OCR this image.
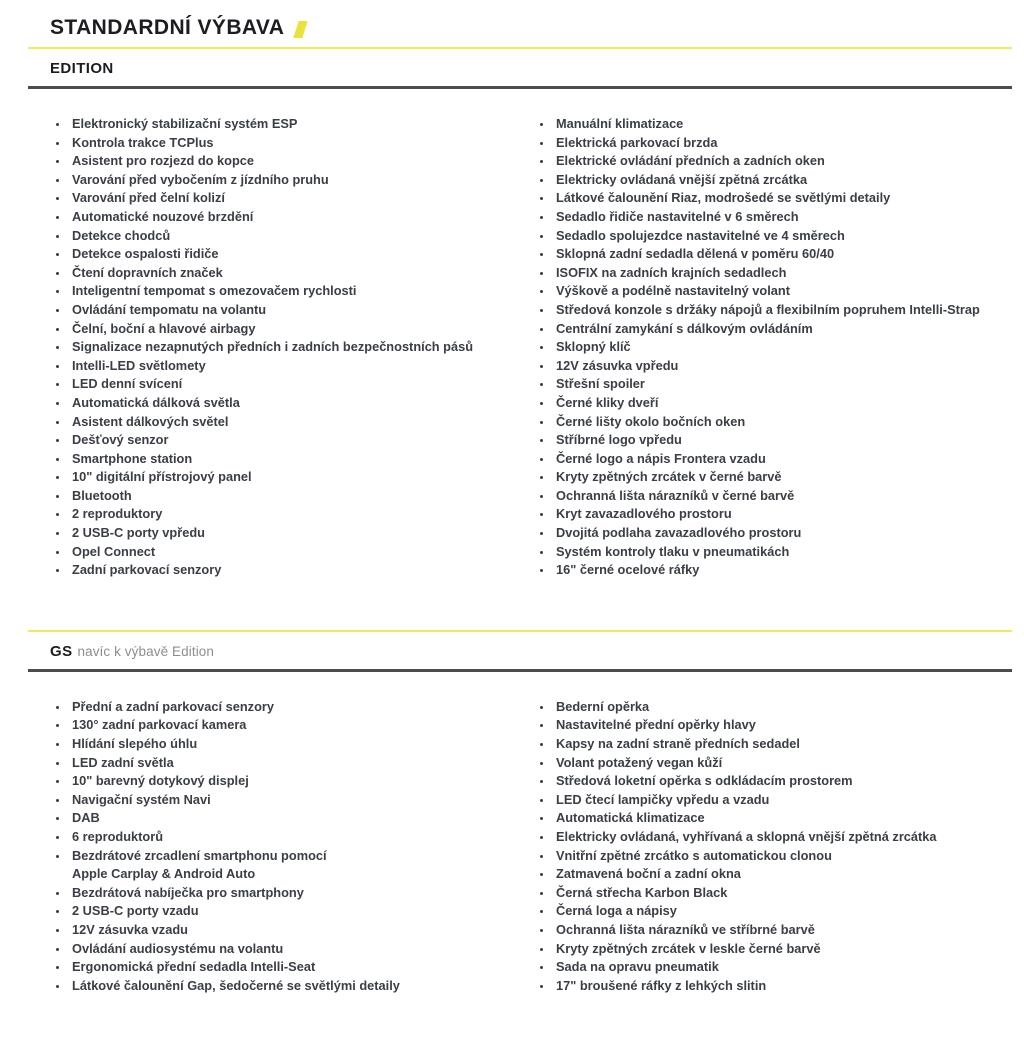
STANDARDNÍ VÝBAVA
EDITION
Elektronický stabilizační systém ESP
Kontrola trakce TCPlus
Asistent pro rozjezd do kopce
Varování před vybočením z jízdního pruhu
Varování před čelní kolizí
Automatické nouzové brzdění
Detekce chodců
Detekce ospalosti řidiče
Čtení dopravních značek
Inteligentní tempomat s omezovačem rychlosti
Ovládání tempomatu na volantu
Čelní, boční a hlavové airbagy
Signalizace nezapnutých předních i zadních bezpečnostních pásů
Intelli-LED světlomety
LED denní svícení
Automatická dálková světla
Asistent dálkových světel
Dešťový senzor
Smartphone station
10" digitální přístrojový panel
Bluetooth
2 reproduktory
2 USB-C porty vpředu
Opel Connect
Zadní parkovací senzory
Manuální klimatizace
Elektrická parkovací brzda
Elektrické ovládání předních a zadních oken
Elektricky ovládaná vnější zpětná zrcátka
Látkové čalounění Riaz, modrošedé se světlými detaily
Sedadlo řidiče nastavitelné v 6 směrech
Sedadlo spolujezdce nastavitelné ve 4 směrech
Sklopná zadní sedadla dělená v poměru 60/40
ISOFIX na zadních krajních sedadlech
Výškově a podélně nastavitelný volant
Středová konzole s držáky nápojů a flexibilním popruhem Intelli-Strap
Centrální zamykání s dálkovým ovládáním
Sklopný klíč
12V zásuvka vpředu
Střešní spoiler
Černé kliky dveří
Černé lišty okolo bočních oken
Stříbrné logo vpředu
Černé logo a nápis Frontera vzadu
Kryty zpětných zrcátek v černé barvě
Ochranná lišta nárazníků v černé barvě
Kryt zavazadlového prostoru
Dvojitá podlaha zavazadlového prostoru
Systém kontroly tlaku v pneumatikách
16" černé ocelové ráfky
GS navíc k výbavě Edition
Přední a zadní parkovací senzory
130° zadní parkovací kamera
Hlídání slepého úhlu
LED zadní světla
10" barevný dotykový displej
Navigační systém Navi
DAB
6 reproduktorů
Bezdrátové zrcadlení smartphonu pomocí
Apple Carplay & Android Auto
Bezdrátová nabíječka pro smartphony
2 USB-C porty vzadu
12V zásuvka vzadu
Ovládání audiosystému na volantu
Ergonomická přední sedadla Intelli-Seat
Látkové čalounění Gap, šedočerné se světlými detaily
Bederní opěrka
Nastavitelné přední opěrky hlavy
Kapsy na zadní straně předních sedadel
Volant potažený vegan kůží
Středová loketní opěrka s odkládacím prostorem
LED čtecí lampičky vpředu a vzadu
Automatická klimatizace
Elektricky ovládaná, vyhřívaná a sklopná vnější zpětná zrcátka
Vnitřní zpětné zrcátko s automatickou clonou
Zatmavená boční a zadní okna
Černá střecha Karbon Black
Černá loga a nápisy
Ochranná lišta nárazníků ve stříbrné barvě
Kryty zpětných zrcátek v leskle černé barvě
Sada na opravu pneumatik
17" broušené ráfky z lehkých slitin
